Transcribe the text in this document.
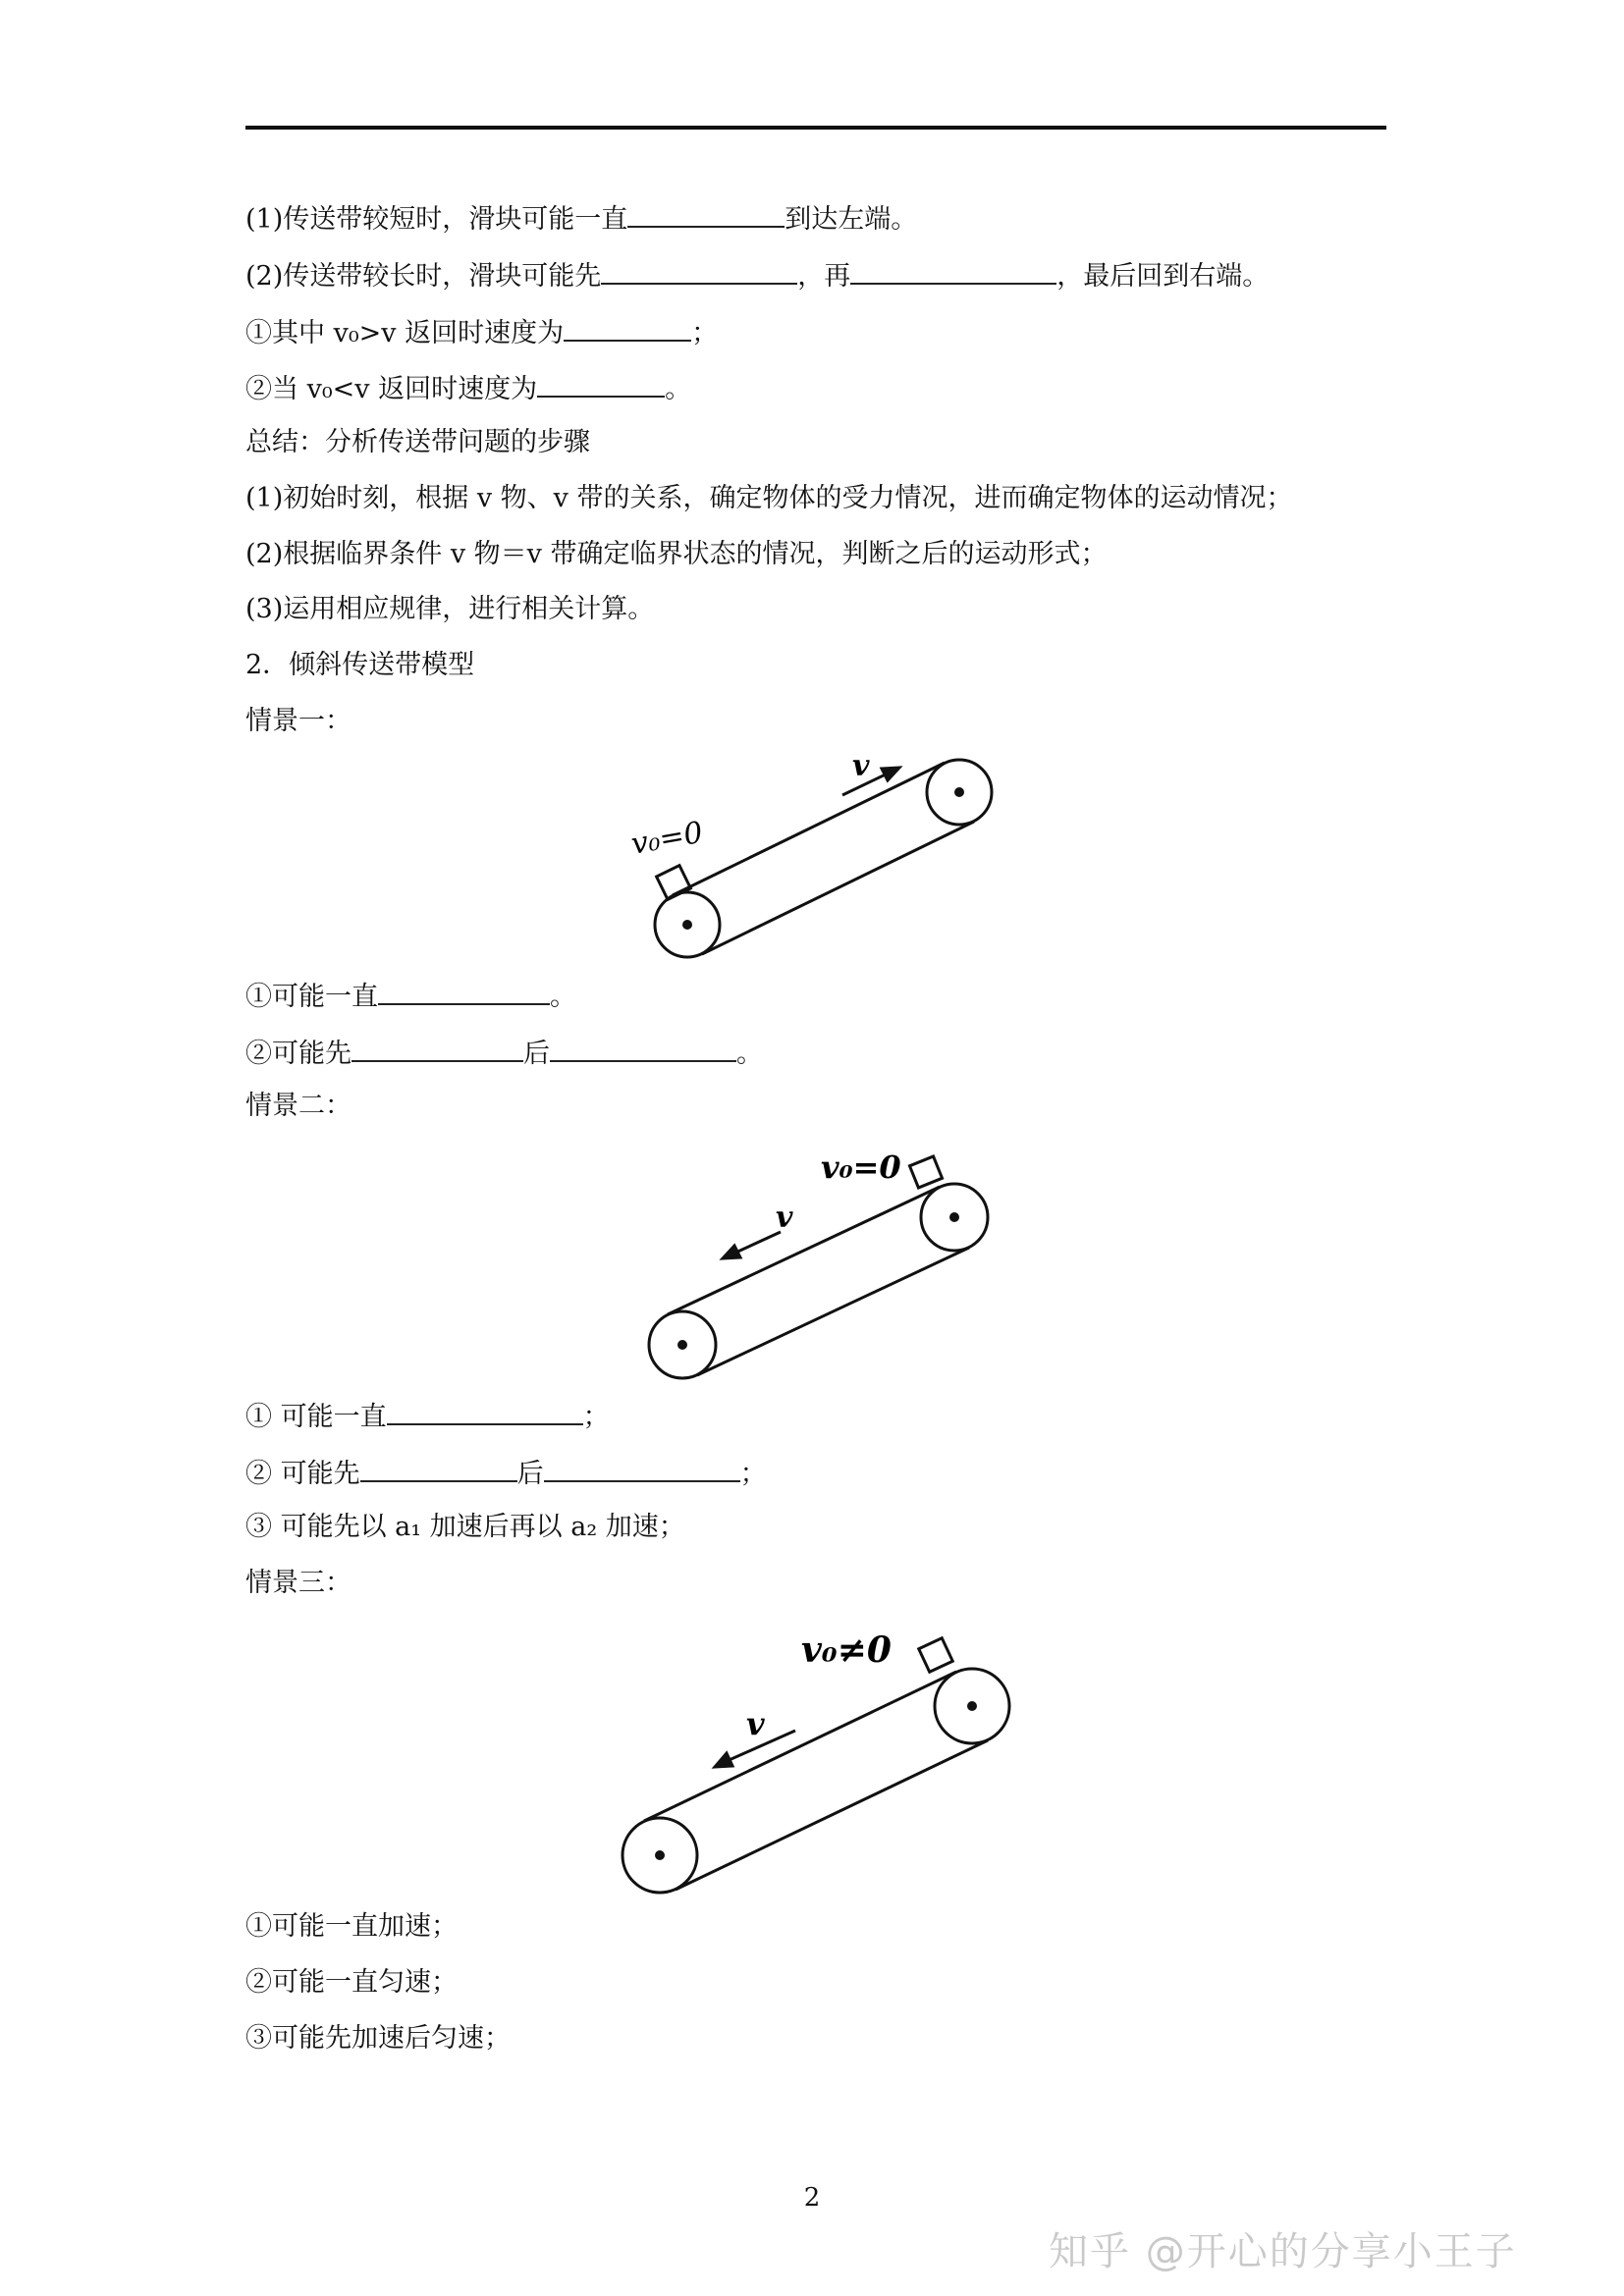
(1)传送带较短时，滑块可能一直	到达左端。
(2)传送带较长时，滑块可能先	，再	，最后回到右端。
①其中 v₀>v 返回时速度为	；
②当 v₀<v 返回时速度为	。
总结：分析传送带问题的步骤
(1)初始时刻，根据 v 物、v 带的关系，确定物体的受力情况，进而确定物体的运动情况；
(2)根据临界条件 v 物＝v 带确定临界状态的情况，判断之后的运动形式；
(3)运用相应规律，进行相关计算。
2．倾斜传送带模型
情景一：
v
v₀=0
①可能一直	。
②可能先	后	。
情景二：
v
v₀=0
① 可能一直	；
② 可能先	后	；
③ 可能先以 a₁ 加速后再以 a₂ 加速；
情景三：
v
v₀≠0
①可能一直加速；
②可能一直匀速；
③可能先加速后匀速；
2
知乎 @开心的分享小王子
